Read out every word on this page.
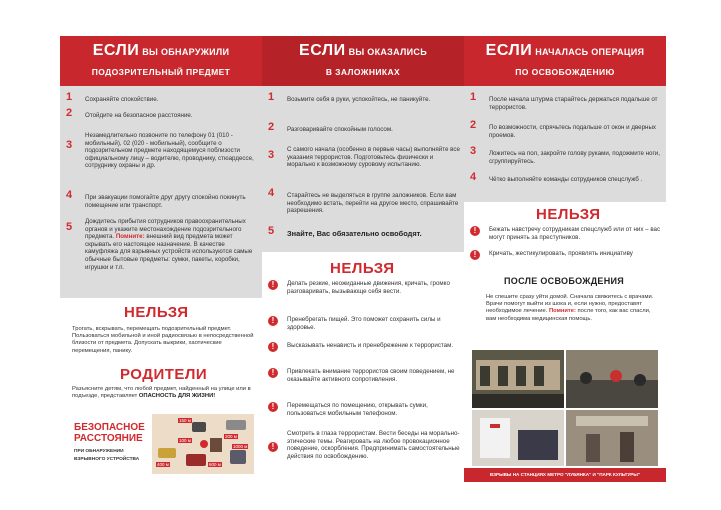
ЕСЛИ ВЫ ОБНАРУЖИЛИ
ПОДОЗРИТЕЛЬНЫЙ ПРЕДМЕТ
1 Сохраняйте спокойствие.
2 Отойдите на безопасное расстояние.
3
Незамедлительно позвоните по телефону 01 (010 - мобильный), 02 (020 - мобильный), сообщите о подозрительном предмете находящемуся поблизости официальному лицу – водителю, проводнику, стюардессе, сотруднику охраны и др.
4 При эвакуации помогайте друг другу спокойно покинуть помещение или транспорт.
5 Дождитесь прибытия сотрудников правоохранительных органов и укажите местонахождение подозрительного предмета. Помните: внешний вид предмета может скрывать его настоящее назначение. В качестве камуфляжа для взрывных устройств используются самые обычные бытовые предметы: сумки, пакеты, коробки, игрушки и т.п.
НЕЛЬЗЯ
Трогать, вскрывать, перемещать подозрительный предмет. Пользоваться мобильной и иной радиосвязью в непосредственной близости от предмета. Допускать выкрики, хаотические перемещения, панику.
РОДИТЕЛИ
Разъясните детям, что любой предмет, найденный на улице или в подъезде, представляет ОПАСНОСТЬ ДЛЯ ЖИЗНИ!
БЕЗОПАСНОЕ
РАССТОЯНИЕ
ПРИ ОБНАРУЖЕНИИ
ВЗРЫВНОГО УСТРОЙСТВА
100 м
150 м
200 м
400 м	600 м
1000 м
ЕСЛИ ВЫ ОКАЗАЛИСЬ
В ЗАЛОЖНИКАХ
1 Возьмите себя в руки, успокойтесь, не паникуйте.
2 Разговаривайте спокойным голосом.
3 С самого начала (особенно в первые часы) выполняйте все указания террористов. Подготовьтесь физически и морально к возможному суровому испытанию.
4 Старайтесь не выделяться в группе заложников. Если вам необходимо встать, перейти на другое место, спрашивайте разрешения.
5 Знайте, Вас обязательно освободят.
НЕЛЬЗЯ
!	Делать резкие, неожиданные движения, кричать, громко разговаривать, вызывающе себя вести.
!	Пренебрегать пищей. Это поможет сохранить силы и здоровье.
!	Высказывать ненависть и пренебрежение к террористам.
!	Привлекать внимание террористов своим поведением, не оказывайте активного сопротивления.
!	Перемещаться по помещению, открывать сумки, пользоваться мобильным телефоном.
!
Смотреть в глаза террористам. Вести беседы на морально-этические темы. Реагировать на любое провокационное поведение, оскорбления. Предпринимать самостоятельные действия по освобождению.
ЕСЛИ НАЧАЛАСЬ ОПЕРАЦИЯ
ПО ОСВОБОЖДЕНИЮ
1 После начала штурма старайтесь держаться подальше от террористов.
2 По возможности, спрячьтесь подальше от окон и дверных проемов.
3 Ложитесь на пол, закройте голову руками, подожмите ноги, сгруппируйтесь.
4 Чётко выполняйте команды сотрудников спецслужб .
НЕЛЬЗЯ
!	Бежать навстречу сотрудникам спецслужб или от них – вас могут принять за преступников.
!	Кричать, жестикулировать, проявлять инициативу
ПОСЛЕ ОСВОБОЖДЕНИЯ
Не спешите сразу уйти домой. Сначала свяжитесь с врачами. Врачи помогут выйти из шока и, если нужно, предоставят необходимое лечение. Помните: после того, как вас спасли, вам необходима медицинская помощь.
ВЗРЫВЫ НА СТАНЦИЯХ МЕТРО "ЛУБЯНКА" И "ПАРК КУЛЬТУРЫ"
